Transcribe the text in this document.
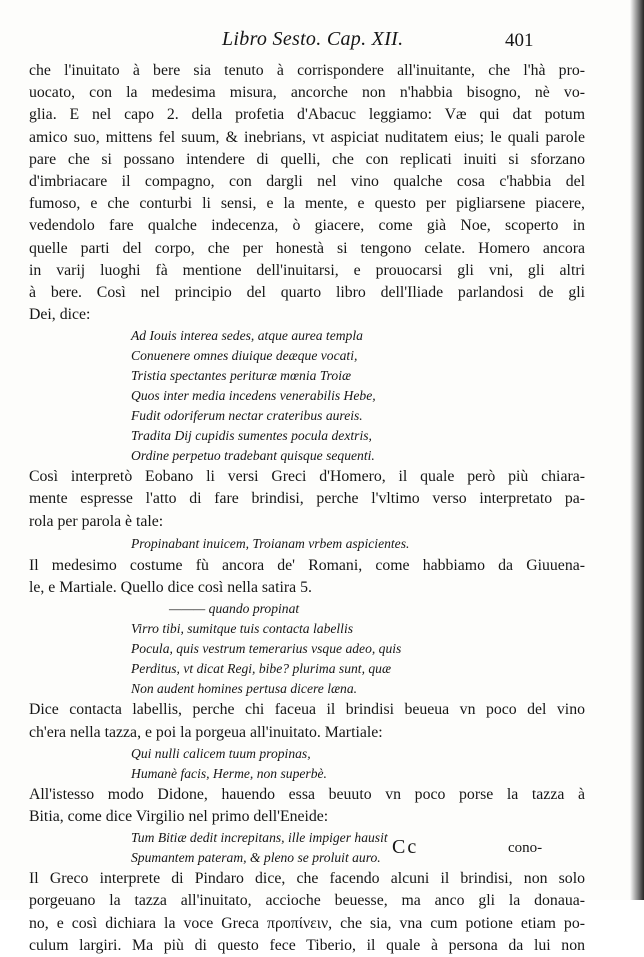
Libro Sesto. Cap. XII.	401
che l'inuitato à bere sia tenuto à corrispondere all'inuitante, che l'hà pro-
uocato, con la medesima misura, ancorche non n'habbia bisogno, nè vo-
glia. E nel capo 2. della profetia d'Abacuc leggiamo: Væ qui dat potum
amico suo, mittens fel suum, & inebrians, vt aspiciat nuditatem eius; le quali parole
pare che si possano intendere di quelli, che con replicati inuiti si sforzano
d'imbriacare il compagno, con dargli nel vino qualche cosa c'habbia del
fumoso, e che conturbi li sensi, e la mente, e questo per pigliarsene piacere,
vedendolo fare qualche indecenza, ò giacere, come già Noe, scoperto in
quelle parti del corpo, che per honestà si tengono celate. Homero ancora
in varij luoghi fà mentione dell'inuitarsi, e prouocarsi gli vni, gli altri
à bere. Così nel principio del quarto libro dell'Iliade parlandosi de gli
Dei, dice:
Ad Iouis interea sedes, atque aurea templa
Conuenere omnes diuique deæque vocati,
Tristia spectantes perituræ mœnia Troiæ
Quos inter media incedens venerabilis Hebe,
Fudit odoriferum nectar crateribus aureis.
Tradita Dij cupidis sumentes pocula dextris,
Ordine perpetuo tradebant quisque sequenti.
Così interpretò Eobano li versi Greci d'Homero, il quale però più chiara-
mente espresse l'atto di fare brindisi, perche l'vltimo verso interpretato pa-
rola per parola è tale:
Propinabant inuicem, Troianam vrbem aspicientes.
Il medesimo costume fù ancora de' Romani, come habbiamo da Giuuena-
le, e Martiale. Quello dice così nella satira 5.
——— quando propinat
Virro tibi, sumitque tuis contacta labellis
Pocula, quis vestrum temerarius vsque adeo, quis
Perditus, vt dicat Regi, bibe? plurima sunt, quæ
Non audent homines pertusa dicere læna.
Dice contacta labellis, perche chi faceua il brindisi beueua vn poco del vino
ch'era nella tazza, e poi la porgeua all'inuitato. Martiale:
Qui nulli calicem tuum propinas,
Humanè facis, Herme, non superbè.
All'istesso modo Didone, hauendo essa beuuto vn poco porse la tazza à
Bitia, come dice Virgilio nel primo dell'Eneide:
Tum Bitiæ dedit increpitans, ille impiger hausit
Spumantem pateram, & pleno se proluit auro.
Il Greco interprete di Pindaro dice, che facendo alcuni il brindisi, non solo
porgeuano la tazza all'inuitato, accioche beuesse, ma anco gli la donaua-
no, e così dichiara la voce Greca προπίνειν, che sia, vna cum potione etiam po-
culum largiri. Ma più di questo fece Tiberio, il quale à persona da lui non
Cc	cono-
